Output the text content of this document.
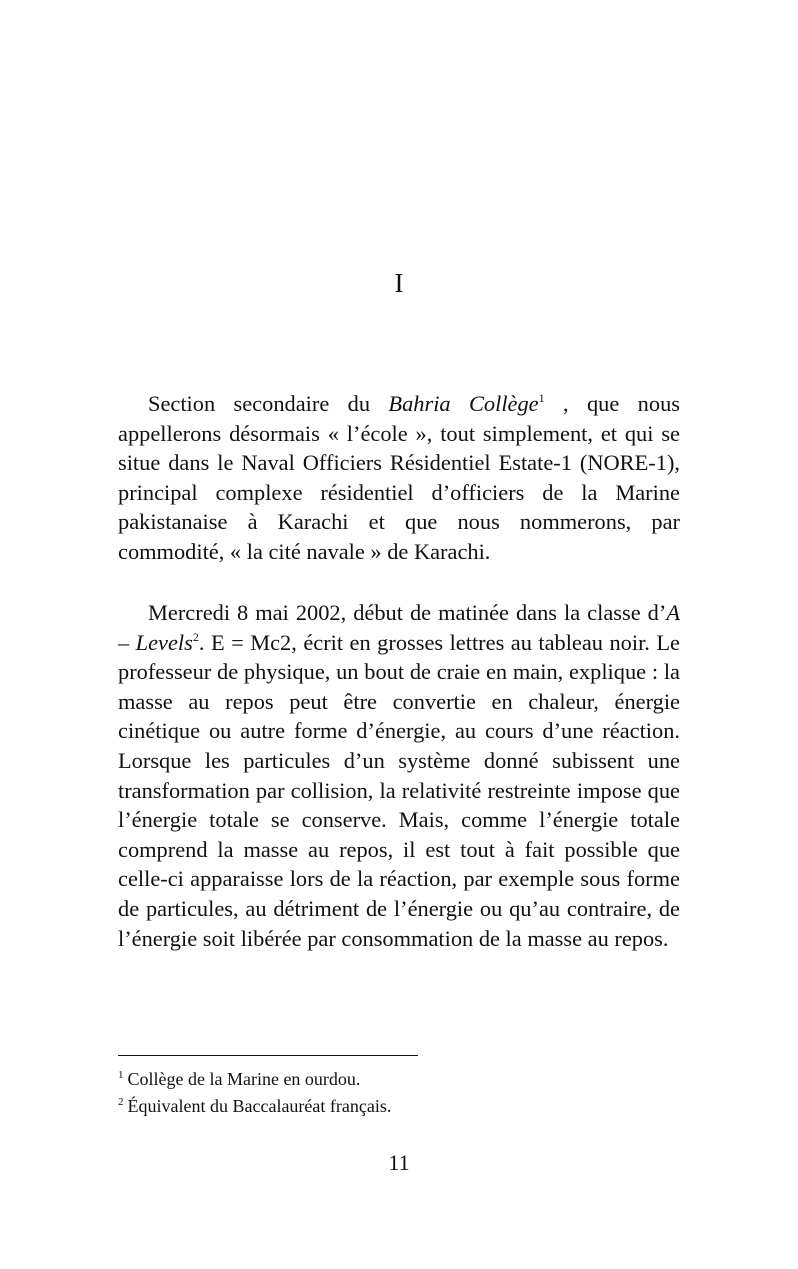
I

Section secondaire du Bahria Collège$^1$ , que nous appellerons désormais « l’école », tout simplement, et qui se situe dans le Naval Officiers Résidentiel Estate-1 (NORE-1), principal complexe résidentiel d’officiers de la Marine pakistanaise à Karachi et que nous nommerons, par commodité, « la cité navale » de Karachi.

Mercredi 8 mai 2002, début de matinée dans la classe d’A – Levels$^2$. E = Mc2, écrit en grosses lettres au tableau noir. Le professeur de physique, un bout de craie en main, explique : la masse au repos peut être convertie en chaleur, énergie cinétique ou autre forme d’énergie, au cours d’une réaction. Lorsque les particules d’un système donné subissent une transformation par collision, la relativité restreinte impose que l’énergie totale se conserve. Mais, comme l’énergie totale comprend la masse au repos, il est tout à fait possible que celle-ci apparaisse lors de la réaction, par exemple sous forme de particules, au détriment de l’énergie ou qu’au contraire, de l’énergie soit libérée par consommation de la masse au repos.

$^1$ Collège de la Marine en ourdou.

$^2$ Équivalent du Baccalauréat français.

11
